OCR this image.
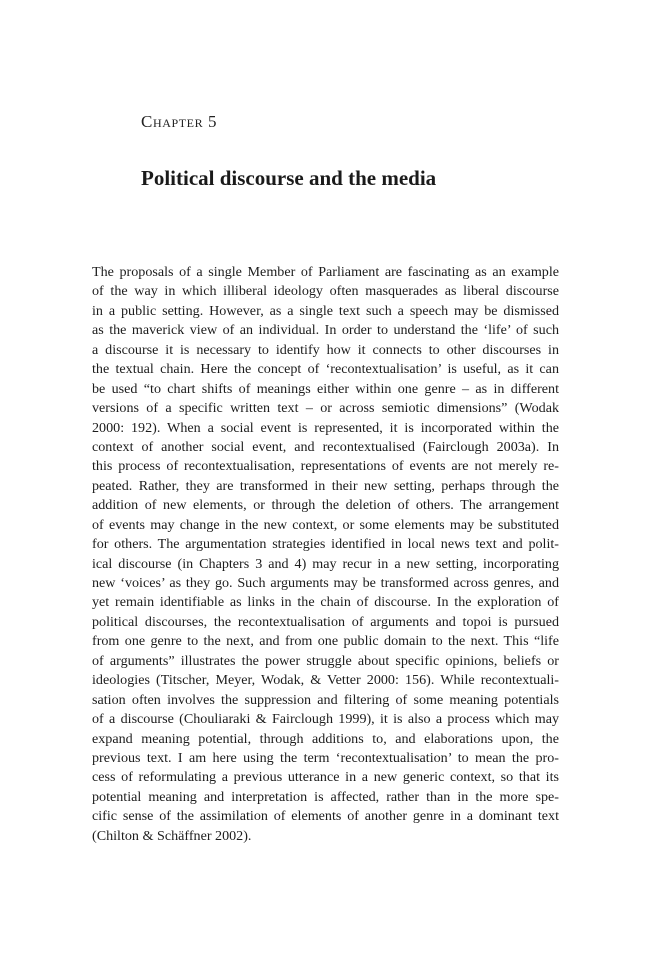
Chapter 5
Political discourse and the media
The proposals of a single Member of Parliament are fascinating as an example
of the way in which illiberal ideology often masquerades as liberal discourse
in a public setting. However, as a single text such a speech may be dismissed
as the maverick view of an individual. In order to understand the ‘life’ of such
a discourse it is necessary to identify how it connects to other discourses in
the textual chain. Here the concept of ‘recontextualisation’ is useful, as it can
be used “to chart shifts of meanings either within one genre – as in different
versions of a specific written text – or across semiotic dimensions” (Wodak
2000: 192). When a social event is represented, it is incorporated within the
context of another social event, and recontextualised (Fairclough 2003a). In
this process of recontextualisation, representations of events are not merely re-
peated. Rather, they are transformed in their new setting, perhaps through the
addition of new elements, or through the deletion of others. The arrangement
of events may change in the new context, or some elements may be substituted
for others. The argumentation strategies identified in local news text and polit-
ical discourse (in Chapters 3 and 4) may recur in a new setting, incorporating
new ‘voices’ as they go. Such arguments may be transformed across genres, and
yet remain identifiable as links in the chain of discourse. In the exploration of
political discourses, the recontextualisation of arguments and topoi is pursued
from one genre to the next, and from one public domain to the next. This “life
of arguments” illustrates the power struggle about specific opinions, beliefs or
ideologies (Titscher, Meyer, Wodak, & Vetter 2000: 156). While recontextuali-
sation often involves the suppression and filtering of some meaning potentials
of a discourse (Chouliaraki & Fairclough 1999), it is also a process which may
expand meaning potential, through additions to, and elaborations upon, the
previous text. I am here using the term ‘recontextualisation’ to mean the pro-
cess of reformulating a previous utterance in a new generic context, so that its
potential meaning and interpretation is affected, rather than in the more spe-
cific sense of the assimilation of elements of another genre in a dominant text
(Chilton & Schäffner 2002).
